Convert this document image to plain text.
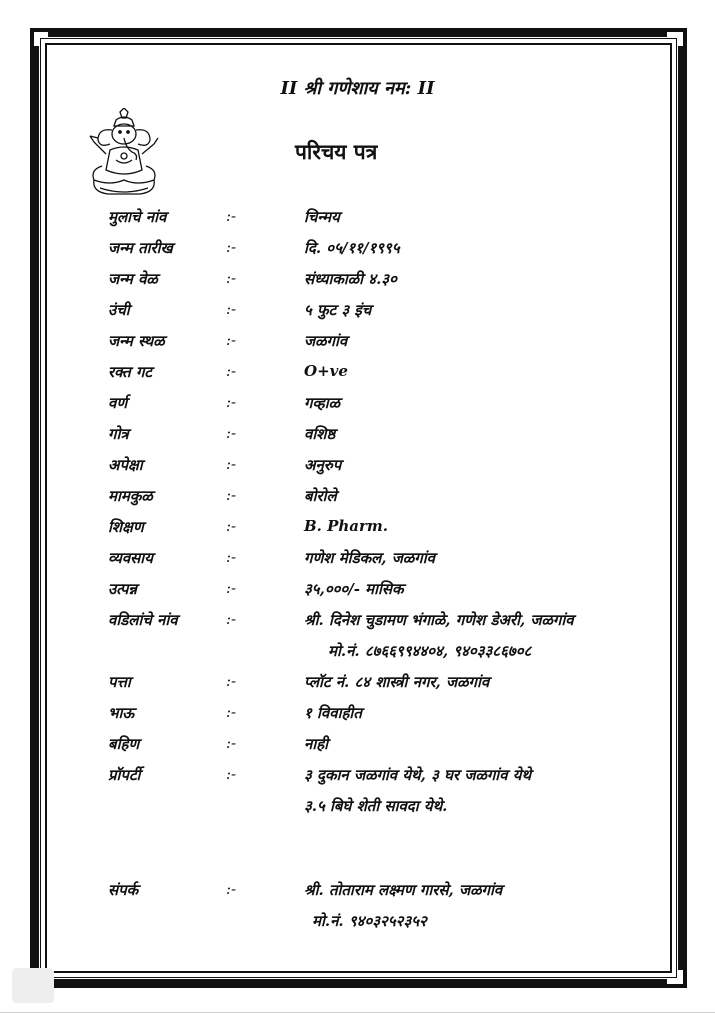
II श्री गणेशाय नम: II
परिचय पत्र
मुलाचे नांव	:-	चिन्मय
जन्म तारीख	:-	दि. ०५/११/१९९५
जन्म वेळ	:-	संध्याकाळी ४.३०
उंची	:-	५ फुट ३ इंच
जन्म स्थळ	:-	जळगांव
रक्त गट	:-	O+ve
वर्ण	:-	गव्हाळ
गोत्र	:-	वशिष्ठ
अपेक्षा	:-	अनुरुप
मामकुळ	:-	बोरोले
शिक्षण	:-	B. Pharm.
व्यवसाय	:-	गणेश मेडिकल, जळगांव
उत्पन्न	:-	३५,०००/- मासिक
वडिलांचे नांव	:-	श्री. दिनेश चुडामण भंगाळे, गणेश डेअरी, जळगांव
मो.नं. ८७६६९९४४०४, ९४०३३८६७०८
पत्ता	:-	प्लॉट नं. ८४ शास्त्री नगर, जळगांव
भाऊ	:-	१ विवाहीत
बहिण	:-	नाही
प्रॉपर्टी	:-	३ दुकान जळगांव येथे, ३ घर जळगांव येथे
३.५ बिघे शेती सावदा येथे.
संपर्क	:-	श्री. तोताराम लक्ष्मण गारसे, जळगांव
मो.नं. ९४०३२५२३५२
